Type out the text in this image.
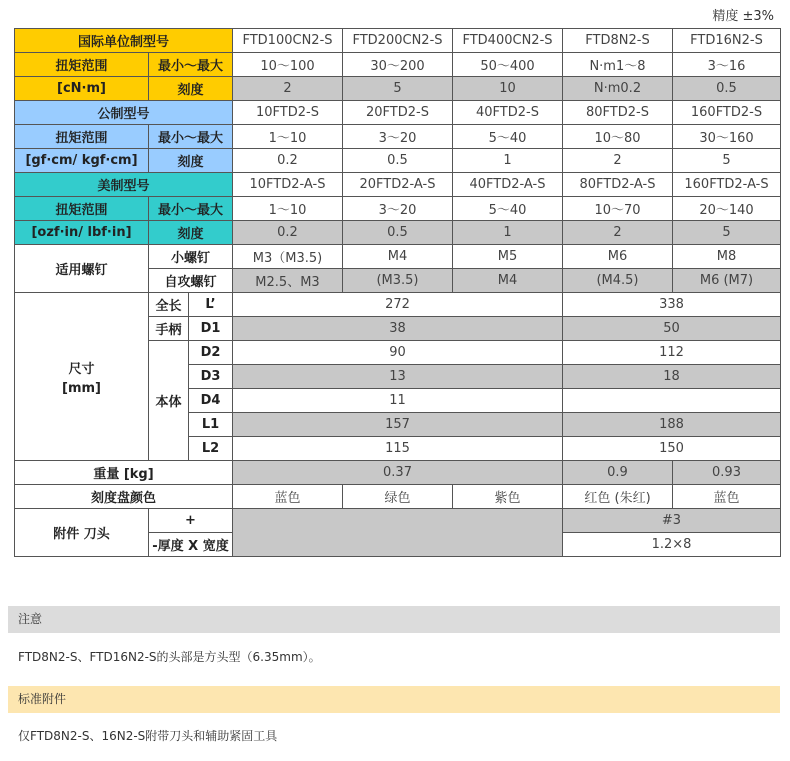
精度 ±3%
国际单位制型号			FTD100CN2-S	FTD200CN2-S	FTD400CN2-S	FTD8N2-S	FTD16N2-S
扭矩范围	最小～最大		10～100	30～200	50～400	N·m1～8	3～16
[cN·m]	刻度		2	5	10	N·m0.2	0.5
公制型号			10FTD2-S	20FTD2-S	40FTD2-S	80FTD2-S	160FTD2-S
扭矩范围	最小～最大		1～10	3～20	5～40	10～80	30～160
[gf·cm/ kgf·cm]	刻度		0.2	0.5	1	2	5
美制型号			10FTD2-A-S	20FTD2-A-S	40FTD2-A-S	80FTD2-A-S	160FTD2-A-S
扭矩范围	最小～最大		1～10	3～20	5～40	10～70	20～140
[ozf·in/ lbf·in]	刻度		0.2	0.5	1	2	5
适用螺钉	小螺钉		M3（M3.5)	M4	M5	M6	M8
	自攻螺钉		M2.5、M3	(M3.5)	M4	(M4.5)	M6 (M7)

尺寸
[mm]	全长	L’	272			338	
	手柄	D1	38			50	
	本体	D2	90			112	
		D3	13			18	
		D4	11				
		L1	157			188	
		L2	115			150	
重量 [kg]			0.37			0.9	0.93
刻度盘颜色			蓝色	绿色	紫色	红色 (朱红)	蓝色
附件 刀头	+					#3	
	-厚度 X 宽度					1.2×8	
注意
FTD8N2-S、FTD16N2-S的头部是方头型（6.35mm）。
标准附件
仅FTD8N2-S、16N2-S附带刀头和辅助紧固工具
